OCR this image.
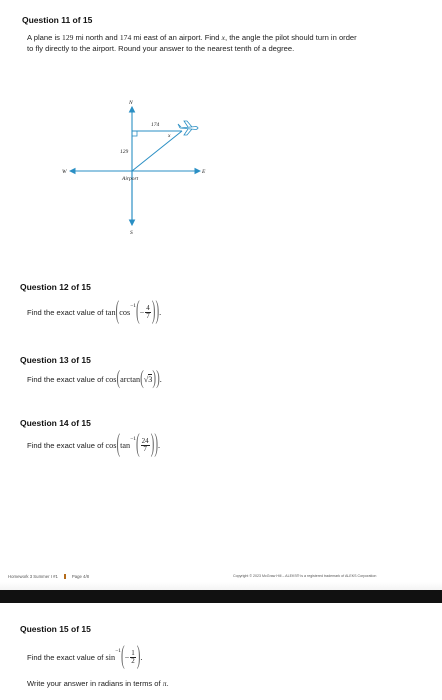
Question 11 of 15
A plane is 129 mi north and 174 mi east of an airport. Find x, the angle the pilot should turn in order
to fly directly to the airport. Round your answer to the nearest tenth of a degree.
N
S
W	E
174
129
x
Airport
Question 12 of 15
Find the exact value of
tan ( cos
−1 ( − $\frac{4}{7}$ ) ) .
Question 13 of 15
Find the exact value of
cos ( arctan ( √3 ) ) .
Question 14 of 15
Find the exact value of
cos ( tan
−1 ( $\frac{24}{7}$ ) ) .
Homework 3 Summer I #1	Page 4/8	Copyright © 2023 McGraw Hill – ALEKS® is a registered trademark of ALEKS Corporation
Question 15 of 15
Find the exact value of
sin
−1 ( − $\frac{1}{2}$ ) .
Write your answer in radians in terms of π.
